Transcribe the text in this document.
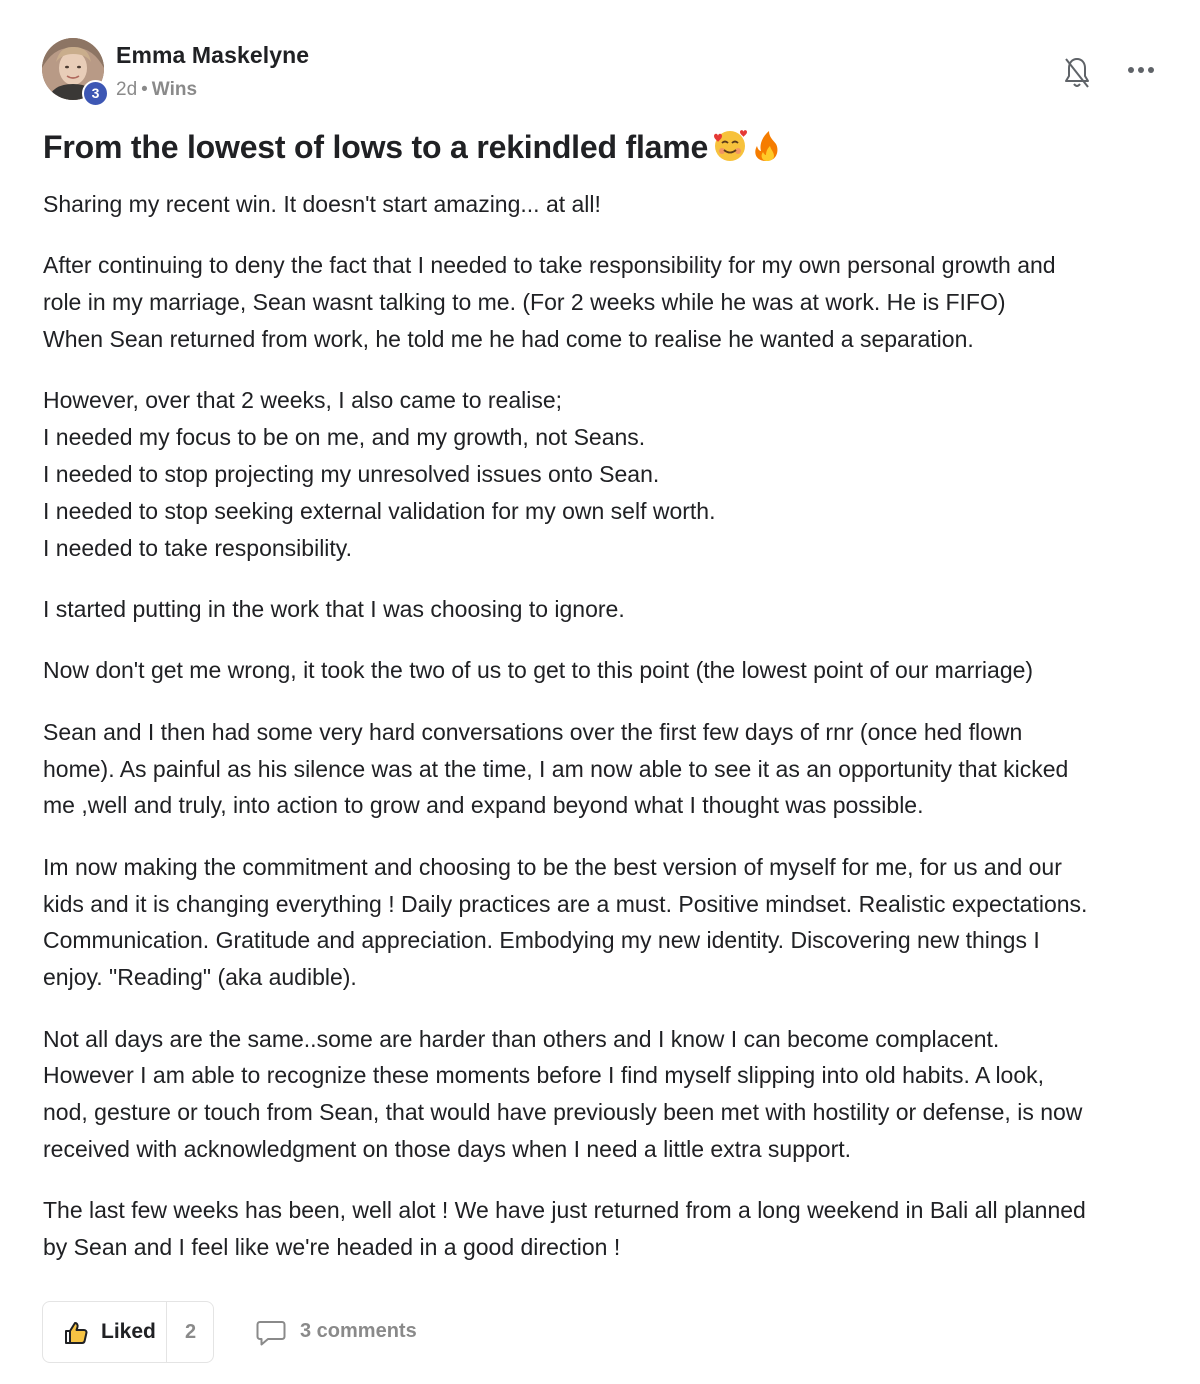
3
Emma Maskelyne
2d • Wins
From the lowest of lows to a rekindled flame

Sharing my recent win. It doesn't start amazing... at all!

After continuing to deny the fact that I needed to take responsibility for my own personal growth and
role in my marriage, Sean wasnt talking to me. (For 2 weeks while he was at work. He is FIFO)
When Sean returned from work, he told me he had come to realise he wanted a separation.

However, over that 2 weeks, I also came to realise;
I needed my focus to be on me, and my growth, not Seans.
I needed to stop projecting my unresolved issues onto Sean.
I needed to stop seeking external validation for my own self worth.
I needed to take responsibility.

I started putting in the work that I was choosing to ignore.

Now don't get me wrong, it took the two of us to get to this point (the lowest point of our marriage)

Sean and I then had some very hard conversations over the first few days of rnr (once hed flown
home). As painful as his silence was at the time, I am now able to see it as an opportunity that kicked
me ,well and truly, into action to grow and expand beyond what I thought was possible.

Im now making the commitment and choosing to be the best version of myself for me, for us and our
kids and it is changing everything ! Daily practices are a must. Positive mindset. Realistic expectations.
Communication. Gratitude and appreciation. Embodying my new identity. Discovering new things I
enjoy. "Reading" (aka audible).

Not all days are the same..some are harder than others and I know I can become complacent.
However I am able to recognize these moments before I find myself slipping into old habits. A look,
nod, gesture or touch from Sean, that would have previously been met with hostility or defense, is now
received with acknowledgment on those days when I need a little extra support.

The last few weeks has been, well alot ! We have just returned from a long weekend in Bali all planned
by Sean and I feel like we're headed in a good direction !

Liked 2	3 comments
